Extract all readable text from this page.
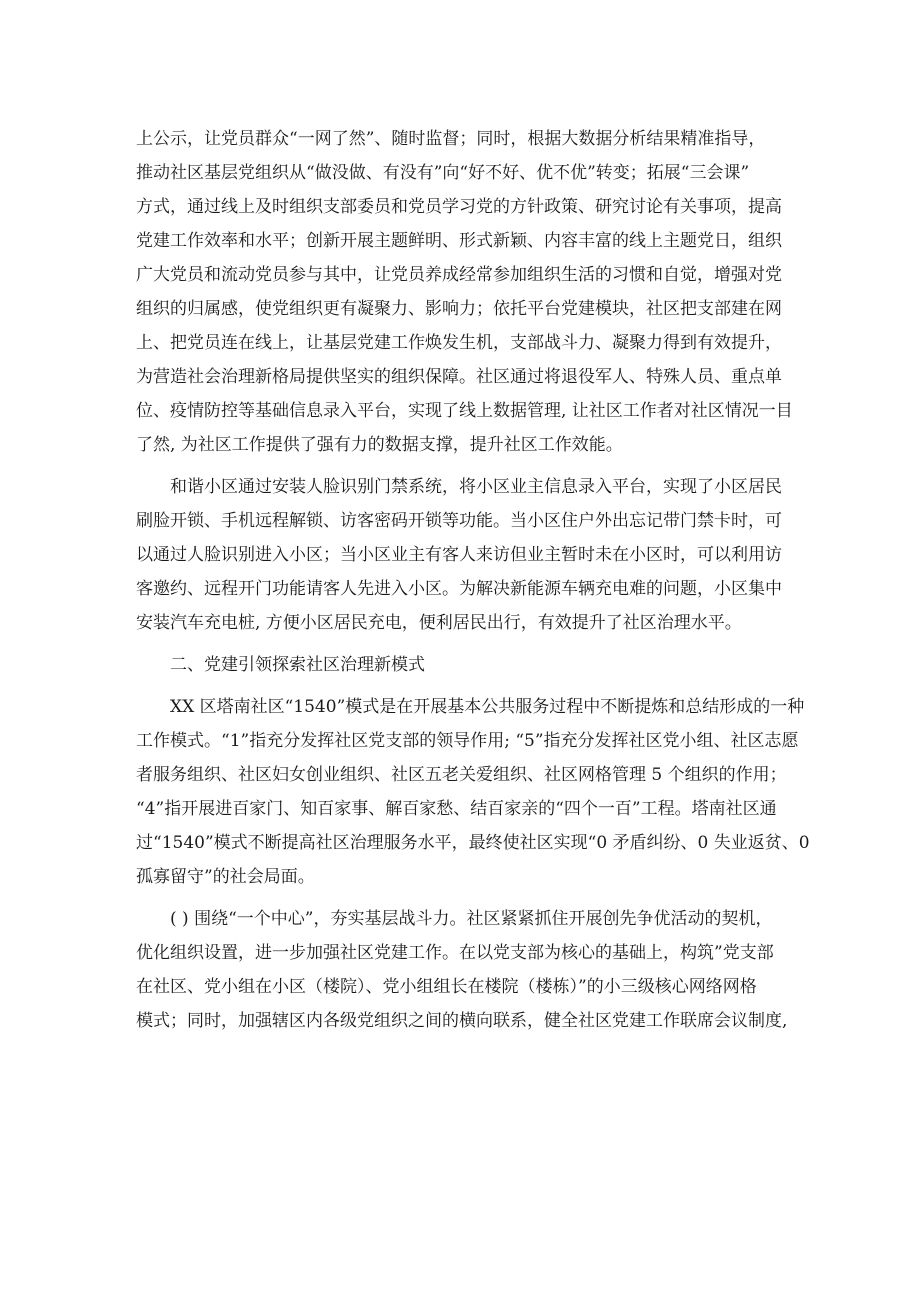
上公示，让党员群众“一网了然”、随时监督；同时，根据大数据分析结果精准指导，
推动社区基层党组织从“做没做、有没有”向“好不好、优不优”转变；拓展“三会课”
方式，通过线上及时组织支部委员和党员学习党的方针政策、研究讨论有关事项，提高
党建工作效率和水平；创新开展主题鲜明、形式新颖、内容丰富的线上主题党日，组织
广大党员和流动党员参与其中，让党员养成经常参加组织生活的习惯和自觉，增强对党
组织的归属感，使党组织更有凝聚力、影响力；依托平台党建模块，社区把支部建在网
上、把党员连在线上，让基层党建工作焕发生机，支部战斗力、凝聚力得到有效提升，
为营造社会治理新格局提供坚实的组织保障。社区通过将退役军人、特殊人员、重点单
位、疫情防控等基础信息录入平台，实现了线上数据管理, 让社区工作者对社区情况一目
了然, 为社区工作提供了强有力的数据支撑，提升社区工作效能。
和谐小区通过安装人脸识别门禁系统，将小区业主信息录入平台，实现了小区居民
刷脸开锁、手机远程解锁、访客密码开锁等功能。当小区住户外出忘记带门禁卡时，可
以通过人脸识别进入小区；当小区业主有客人来访但业主暂时未在小区时，可以利用访
客邀约、远程开门功能请客人先进入小区。为解决新能源车辆充电难的问题，小区集中
安装汽车充电桩, 方便小区居民充电，便利居民出行，有效提升了社区治理水平。
二、党建引领探索社区治理新模式
XX 区塔南社区“1540”模式是在开展基本公共服务过程中不断提炼和总结形成的一种
工作模式。“1”指充分发挥社区党支部的领导作用; “5”指充分发挥社区党小组、社区志愿
者服务组织、社区妇女创业组织、社区五老关爱组织、社区网格管理 5 个组织的作用；
“4”指开展进百家门、知百家事、解百家愁、结百家亲的“四个一百”工程。塔南社区通
过“1540”模式不断提高社区治理服务水平，最终使社区实现“0 矛盾纠纷、0 失业返贫、0
孤寡留守”的社会局面。
( ) 围绕“一个中心”，夯实基层战斗力。社区紧紧抓住开展创先争优活动的契机，
优化组织设置，进一步加强社区党建工作。在以党支部为核心的基础上，构筑”党支部
在社区、党小组在小区（楼院）、党小组组长在楼院（楼栋）”的小三级核心网络网格
模式；同时，加强辖区内各级党组织之间的横向联系，健全社区党建工作联席会议制度,
